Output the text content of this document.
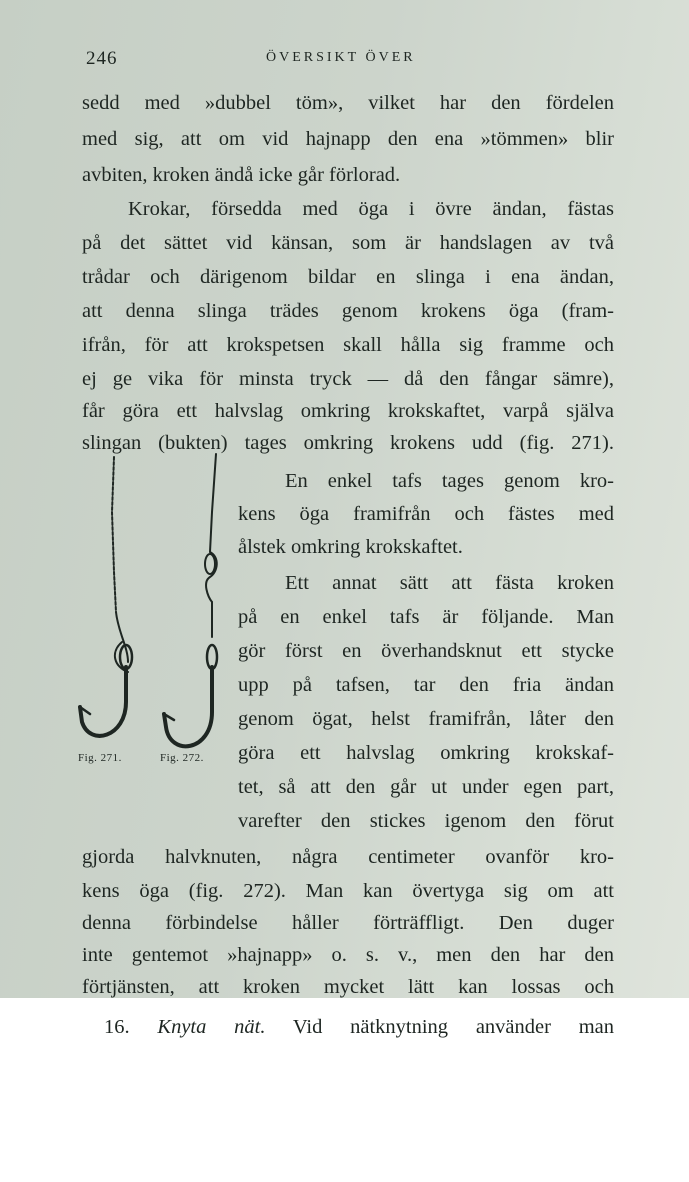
246	ÖVERSIKT ÖVER
sedd med »dubbel töm», vilket har den fördelen
med sig, att om vid hajnapp den ena »tömmen» blir
avbiten, kroken ändå icke går förlorad.
Krokar, försedda med öga i övre ändan, fästas
på det sättet vid känsan, som är handslagen av två
trådar och därigenom bildar en slinga i ena ändan,
att denna slinga trädes genom krokens öga (fram-
ifrån, för att krokspetsen skall hålla sig framme och
ej ge vika för minsta tryck — då den fångar sämre),
får göra ett halvslag omkring krokskaftet, varpå själva
slingan (bukten) tages omkring krokens udd (fig. 271).
En enkel tafs tages genom kro-
kens öga framifrån och fästes med
ålstek omkring krokskaftet.
Ett annat sätt att fästa kroken
på en enkel tafs är följande. Man
gör först en överhandsknut ett stycke
upp på tafsen, tar den fria ändan
genom ögat, helst framifrån, låter den
göra ett halvslag omkring krokskaf-
tet, så att den går ut under egen part,
varefter den stickes igenom den förut
gjorda halvknuten, några centimeter ovanför kro-
kens öga (fig. 272). Man kan övertyga sig om att
denna förbindelse håller förträffligt. Den duger
inte gentemot »hajnapp» o. s. v., men den har den
förtjänsten, att kroken mycket lätt kan lossas och
Fig. 271.	Fig. 272.
16. Knyta nät. Vid nätknytning använder man
